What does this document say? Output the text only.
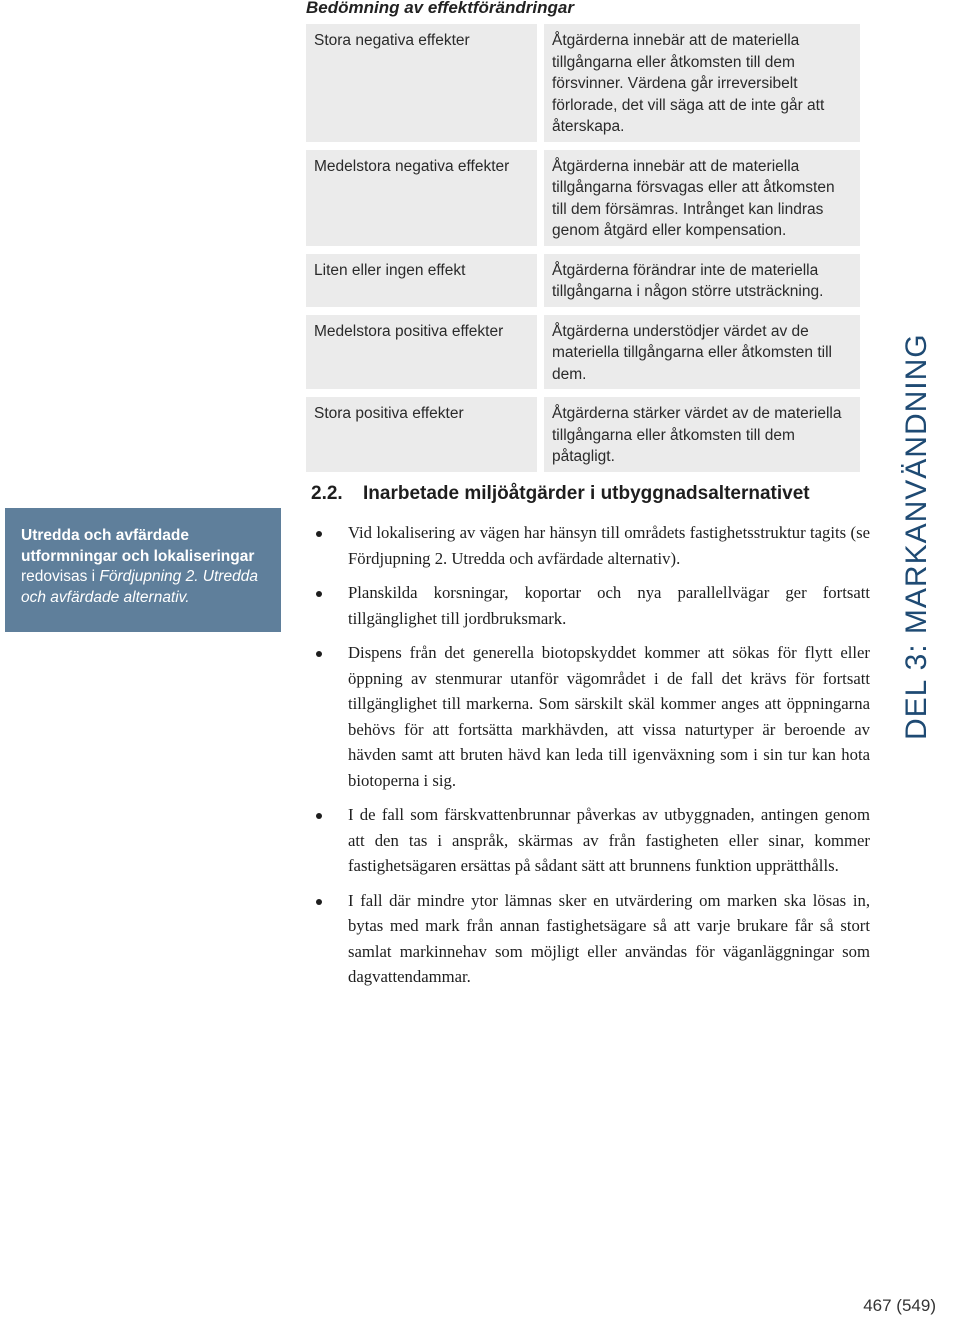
Bedömning av effektförändringar
Stora negativa effekter	Åtgärderna innebär att de materiella tillgångarna eller åtkomsten till dem försvinner. Värdena går irreversibelt förlorade, det vill säga att de inte går att återskapa.
Medelstora negativa effekter	Åtgärderna innebär att de materiella tillgångarna försvagas eller att åtkomsten till dem försämras. Intrånget kan lindras genom åtgärd eller kompensation.
Liten eller ingen effekt	Åtgärderna förändrar inte de materiella tillgångarna i någon större utsträckning.
Medelstora positiva effekter	Åtgärderna understödjer värdet av de materiella tillgångarna eller åtkomsten till dem.
Stora positiva effekter	Åtgärderna stärker värdet av de materiella tillgångarna eller åtkomsten till dem påtagligt.
Utredda och avfärdade utformningar och lokaliseringar redovisas i Fördjupning 2. Utredda och avfärdade alternativ.
2.2. Inarbetade miljöåtgärder i utbyggnadsalternativet
Vid lokalisering av vägen har hänsyn till områdets fastighetsstruktur tagits (se Fördjupning 2. Utredda och avfärdade alternativ).
Planskilda korsningar, koportar och nya parallellvägar ger fortsatt tillgänglighet till jordbruksmark.
Dispens från det generella biotopskyddet kommer att sökas för flytt eller öppning av stenmurar utanför vägområdet i de fall det krävs för fortsatt tillgänglighet till markerna. Som särskilt skäl kommer anges att öppningarna behövs för att fortsätta markhävden, att vissa naturtyper är beroende av hävden samt att bruten hävd kan leda till igenväxning som i sin tur kan hota biotoperna i sig.
I de fall som färskvattenbrunnar påverkas av utbyggnaden, antingen genom att den tas i anspråk, skärmas av från fastigheten eller sinar, kommer fastighetsägaren ersättas på sådant sätt att brunnens funktion upprätthålls.
I fall där mindre ytor lämnas sker en utvärdering om marken ska lösas in, bytas med mark från annan fastighetsägare så att varje brukare får så stort samlat markinnehav som möjligt eller användas för väganläggningar som dagvattendammar.
DEL 3: MARKANVÄNDNING
467 (549)
